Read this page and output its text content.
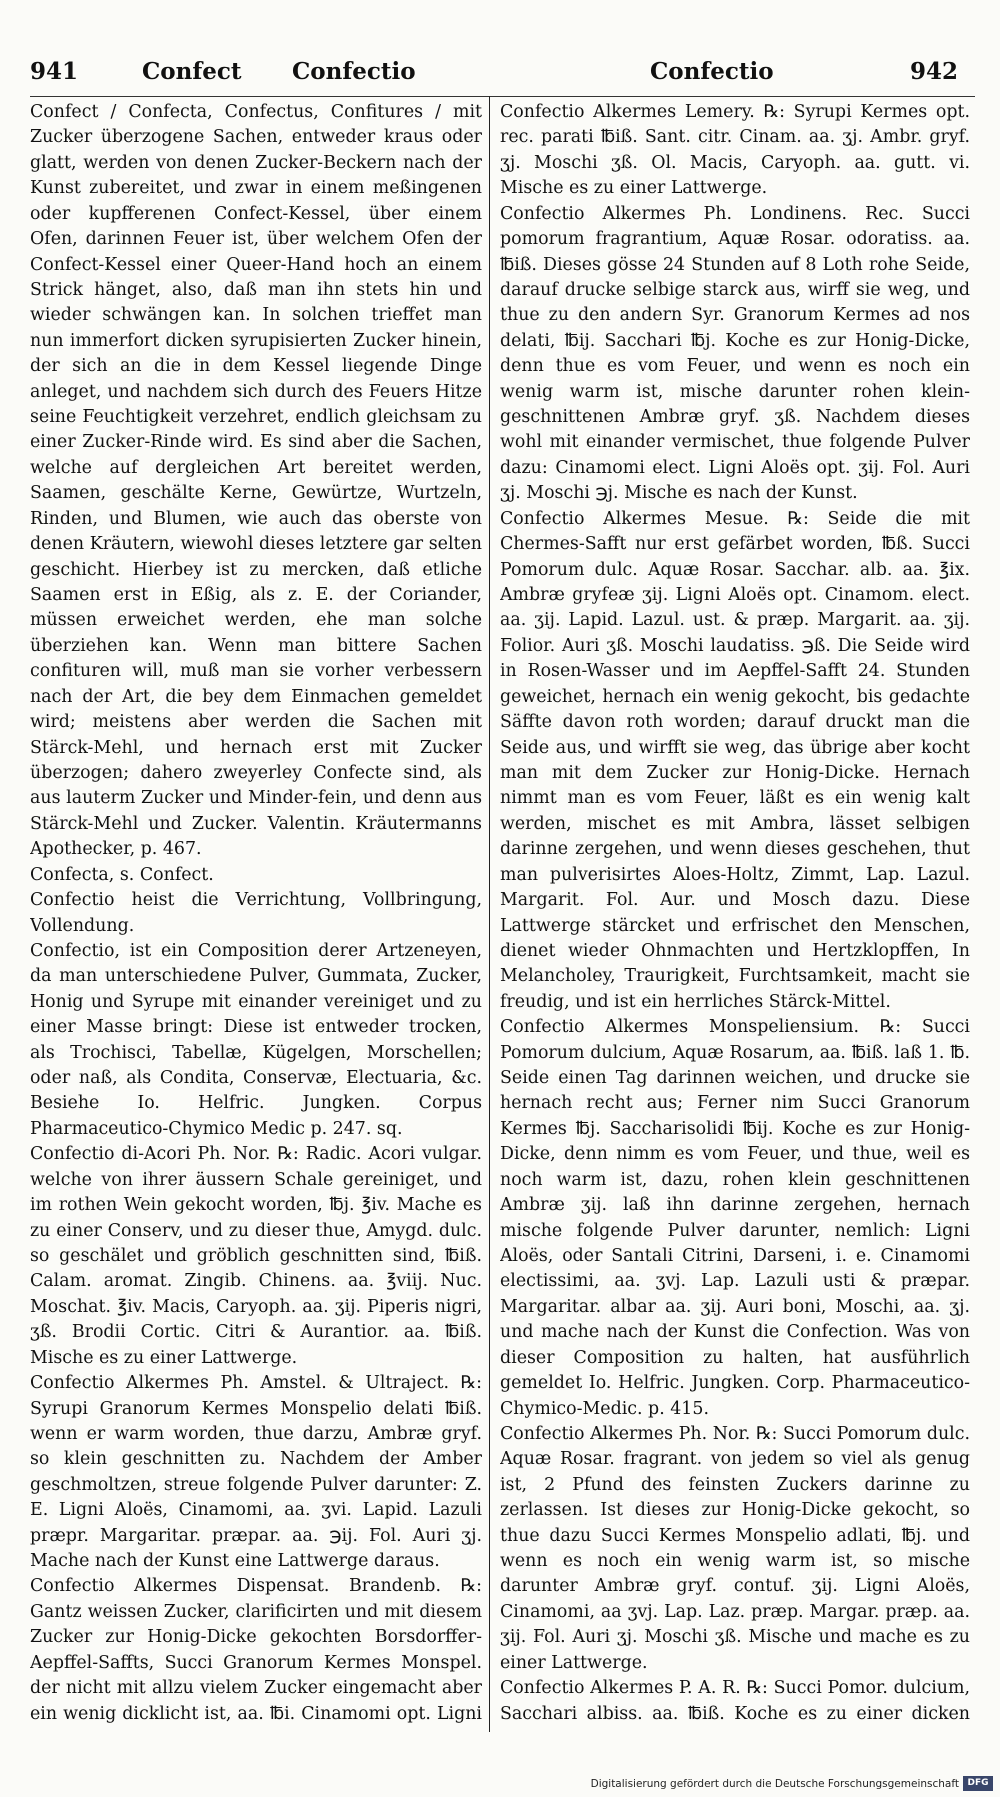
941	Confect Confectio	Confectio	942

Confect / Confecta, Confectus, Confitures / mit Zucker überzogene Sachen, entweder kraus oder glatt, werden von denen Zucker-Beckern nach der Kunst zubereitet, und zwar in einem meßingenen oder kupfferenen Confect-Kessel, über einem Ofen, darinnen Feuer ist, über welchem Ofen der Confect-Kessel einer Queer-Hand hoch an einem Strick hänget, also, daß man ihn stets hin und wieder schwängen kan. In solchen trieffet man nun immerfort dicken syrupisierten Zucker hinein, der sich an die in dem Kessel liegende Dinge anleget, und nachdem sich durch des Feuers Hitze seine Feuchtigkeit verzehret, endlich gleichsam zu einer Zucker-Rinde wird. Es sind aber die Sachen, welche auf dergleichen Art bereitet werden, Saamen, geschälte Kerne, Gewürtze, Wurtzeln, Rinden, und Blumen, wie auch das oberste von denen Kräutern, wiewohl dieses letztere gar selten geschicht. Hierbey ist zu mercken, daß etliche Saamen erst in Eßig, als z. E. der Coriander, müssen erweichet werden, ehe man solche überziehen kan. Wenn man bittere Sachen confituren will, muß man sie vorher verbessern nach der Art, die bey dem Einmachen gemeldet wird; meistens aber werden die Sachen mit Stärck-Mehl, und hernach erst mit Zucker überzogen; dahero zweyerley Confecte sind, als aus lauterm Zucker und Minder-fein, und denn aus Stärck-Mehl und Zucker. Valentin. Kräutermanns Apothecker, p. 467.
Confecta, s. Confect.
Confectio heist die Verrichtung, Vollbringung, Vollendung.
Confectio, ist ein Composition derer Artzeneyen, da man unterschiedene Pulver, Gummata, Zucker, Honig und Syrupe mit einander vereiniget und zu einer Masse bringt: Diese ist entweder trocken, als Trochisci, Tabellæ, Kügelgen, Morschellen; oder naß, als Condita, Conservæ, Electuaria, &c. Besiehe Io. Helfric. Jungken. Corpus Pharmaceutico-Chymico Medic p. 247. sq.
Confectio di-Acori Ph. Nor. ℞: Radic. Acori vulgar. welche von ihrer äussern Schale gereiniget, und im rothen Wein gekocht worden, ℔j. ℥iv. Mache es zu einer Conserv, und zu dieser thue, Amygd. dulc. so geschälet und gröblich geschnitten sind, ℔iß. Calam. aromat. Zingib. Chinens. aa. ℥viij. Nuc. Moschat. ℥iv. Macis, Caryoph. aa. ʒij. Piperis nigri, ʒß. Brodii Cortic. Citri & Aurantior. aa. ℔iß. Mische es zu einer Lattwerge.
Confectio Alkermes Ph. Amstel. & Ultraject. ℞: Syrupi Granorum Kermes Monspelio delati ℔iß. wenn er warm worden, thue darzu, Ambræ gryf. so klein geschnitten zu. Nachdem der Amber geschmoltzen, streue folgende Pulver darunter: Z. E. Ligni Aloës, Cinamomi, aa. ʒvi. Lapid. Lazuli præpr. Margaritar. præpar. aa. ℈ij. Fol. Auri ʒj. Mache nach der Kunst eine Lattwerge daraus.
Confectio Alkermes Dispensat. Brandenb. ℞: Gantz weissen Zucker, clarificirten und mit diesem Zucker zur Honig-Dicke gekochten Borsdorffer-Aepffel-Saffts, Succi Granorum Kermes Monspel. der nicht mit allzu vielem Zucker eingemacht aber ein wenig dicklicht ist, aa. ℔i. Cinamomi opt. Ligni

Confectio Alkermes Lemery. ℞: Syrupi Kermes opt. rec. parati ℔iß. Sant. citr. Cinam. aa. ʒj. Ambr. gryf. ʒj. Moschi ʒß. Ol. Macis, Caryoph. aa. gutt. vi. Mische es zu einer Lattwerge.
Confectio Alkermes Ph. Londinens. Rec. Succi pomorum fragrantium, Aquæ Rosar. odoratiss. aa. ℔iß. Dieses gösse 24 Stunden auf 8 Loth rohe Seide, darauf drucke selbige starck aus, wirff sie weg, und thue zu den andern Syr. Granorum Kermes ad nos delati, ℔ij. Sacchari ℔j. Koche es zur Honig-Dicke, denn thue es vom Feuer, und wenn es noch ein wenig warm ist, mische darunter rohen klein-geschnittenen Ambræ gryf. ʒß. Nachdem dieses wohl mit einander vermischet, thue folgende Pulver dazu: Cinamomi elect. Ligni Aloës opt. ʒij. Fol. Auri ʒj. Moschi ℈j. Mische es nach der Kunst.
Confectio Alkermes Mesue. ℞: Seide die mit Chermes-Safft nur erst gefärbet worden, ℔ß. Succi Pomorum dulc. Aquæ Rosar. Sacchar. alb. aa. ℥ix. Ambræ gryfeæ ʒij. Ligni Aloës opt. Cinamom. elect. aa. ʒij. Lapid. Lazul. ust. & præp. Margarit. aa. ʒij. Folior. Auri ʒß. Moschi laudatiss. ℈ß. Die Seide wird in Rosen-Wasser und im Aepffel-Safft 24. Stunden geweichet, hernach ein wenig gekocht, bis gedachte Säffte davon roth worden; darauf druckt man die Seide aus, und wirfft sie weg, das übrige aber kocht man mit dem Zucker zur Honig-Dicke. Hernach nimmt man es vom Feuer, läßt es ein wenig kalt werden, mischet es mit Ambra, lässet selbigen darinne zergehen, und wenn dieses geschehen, thut man pulverisirtes Aloes-Holtz, Zimmt, Lap. Lazul. Margarit. Fol. Aur. und Mosch dazu. Diese Lattwerge stärcket und erfrischet den Menschen, dienet wieder Ohnmachten und Hertzklopffen, In Melancholey, Traurigkeit, Furchtsamkeit, macht sie freudig, und ist ein herrliches Stärck-Mittel.
Confectio Alkermes Monspeliensium. ℞: Succi Pomorum dulcium, Aquæ Rosarum, aa. ℔iß. laß 1. ℔. Seide einen Tag darinnen weichen, und drucke sie hernach recht aus; Ferner nim Succi Granorum Kermes ℔j. Saccharisolidi ℔ij. Koche es zur Honig-Dicke, denn nimm es vom Feuer, und thue, weil es noch warm ist, dazu, rohen klein geschnittenen Ambræ ʒij. laß ihn darinne zergehen, hernach mische folgende Pulver darunter, nemlich: Ligni Aloës, oder Santali Citrini, Darseni, i. e. Cinamomi electissimi, aa. ʒvj. Lap. Lazuli usti & præpar. Margaritar. albar aa. ʒij. Auri boni, Moschi, aa. ʒj. und mache nach der Kunst die Confection. Was von dieser Composition zu halten, hat ausführlich gemeldet Io. Helfric. Jungken. Corp. Pharmaceutico-Chymico-Medic. p. 415.
Confectio Alkermes Ph. Nor. ℞: Succi Pomorum dulc. Aquæ Rosar. fragrant. von jedem so viel als genug ist, 2 Pfund des feinsten Zuckers darinne zu zerlassen. Ist dieses zur Honig-Dicke gekocht, so thue dazu Succi Kermes Monspelio adlati, ℔j. und wenn es noch ein wenig warm ist, so mische darunter Ambræ gryf. contuf. ʒij. Ligni Aloës, Cinamomi, aa ʒvj. Lap. Laz. præp. Margar. præp. aa. ʒij. Fol. Auri ʒj. Moschi ʒß. Mische und mache es zu einer Lattwerge.
Confectio Alkermes P. A. R. ℞: Succi Pomor. dulcium, Sacchari albiss. aa. ℔iß. Koche es zu einer dicken

Digitalisierung gefördert durch die Deutsche Forschungsgemeinschaft DFG
